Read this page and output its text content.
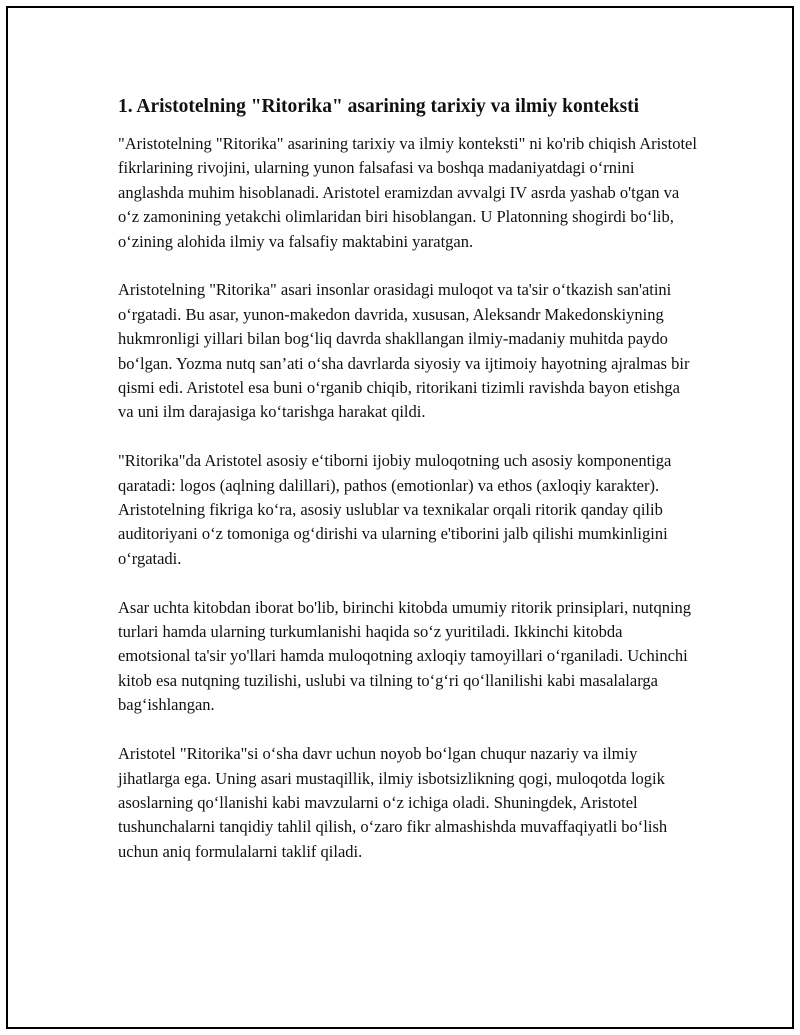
1. Aristotelning "Ritorika" asarining tarixiy va ilmiy konteksti

"Aristotelning "Ritorika" asarining tarixiy va ilmiy konteksti" ni ko'rib chiqish Aristotel fikrlarining rivojini, ularning yunon falsafasi va boshqa madaniyatdagi o‘rnini anglashda muhim hisoblanadi. Aristotel eramizdan avvalgi IV asrda yashab o'tgan va o‘z zamonining yetakchi olimlaridan biri hisoblangan. U Platonning shogirdi bo‘lib, o‘zining alohida ilmiy va falsafiy maktabini yaratgan.

Aristotelning "Ritorika" asari insonlar orasidagi muloqot va ta'sir o‘tkazish san'atini o‘rgatadi. Bu asar, yunon-makedon davrida, xususan, Aleksandr Makedonskiyning hukmronligi yillari bilan bog‘liq davrda shakllangan ilmiy-madaniy muhitda paydo bo‘lgan. Yozma nutq san’ati o‘sha davrlarda siyosiy va ijtimoiy hayotning ajralmas bir qismi edi. Aristotel esa buni o‘rganib chiqib, ritorikani tizimli ravishda bayon etishga va uni ilm darajasiga ko‘tarishga harakat qildi.

"Ritorika"da Aristotel asosiy e‘tiborni ijobiy muloqotning uch asosiy komponentiga qaratadi: logos (aqlning dalillari), pathos (emotionlar) va ethos (axloqiy karakter). Aristotelning fikriga ko‘ra, asosiy uslublar va texnikalar orqali ritorik qanday qilib auditoriyani o‘z tomoniga og‘dirishi va ularning e'tiborini jalb qilishi mumkinligini o‘rgatadi.

Asar uchta kitobdan iborat bo'lib, birinchi kitobda umumiy ritorik prinsiplari, nutqning turlari hamda ularning turkumlanishi haqida so‘z yuritiladi. Ikkinchi kitobda emotsional ta'sir yo'llari hamda muloqotning axloqiy tamoyillari o‘rganiladi. Uchinchi kitob esa nutqning tuzilishi, uslubi va tilning to‘g‘ri qo‘llanilishi kabi masalalarga bag‘ishlangan.

Aristotel "Ritorika"si o‘sha davr uchun noyob bo‘lgan chuqur nazariy va ilmiy jihatlarga ega. Uning asari mustaqillik, ilmiy isbotsizlikning qogi, muloqotda logik asoslarning qo‘llanishi kabi mavzularni o‘z ichiga oladi. Shuningdek, Aristotel tushunchalarni tanqidiy tahlil qilish, o‘zaro fikr almashishda muvaffaqiyatli bo‘lish uchun aniq formulalarni taklif qiladi.
